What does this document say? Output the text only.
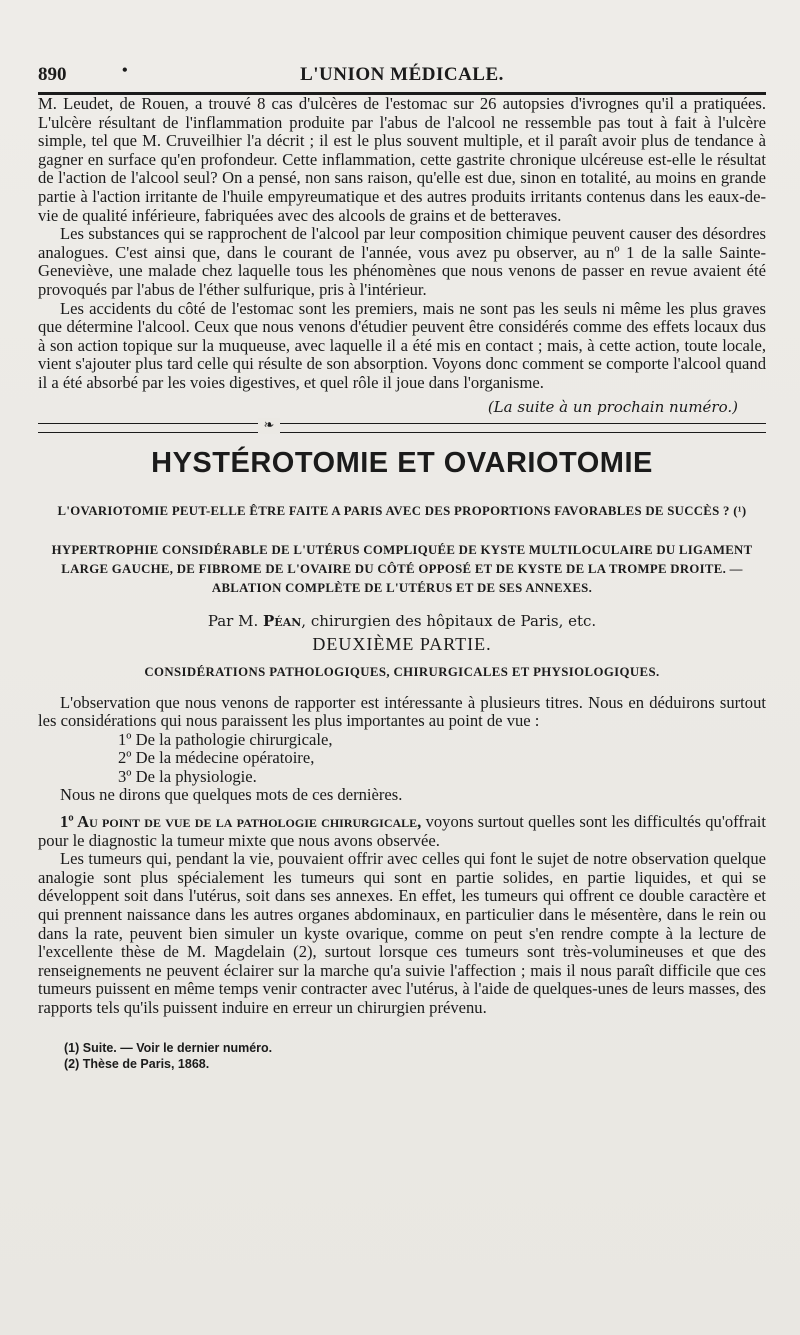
890	•	L'UNION MÉDICALE.

M. Leudet, de Rouen, a trouvé 8 cas d'ulcères de l'estomac sur 26 autopsies d'ivrognes qu'il a pratiquées. L'ulcère résultant de l'inflammation produite par l'abus de l'alcool ne ressemble pas tout à fait à l'ulcère simple, tel que M. Cruveilhier l'a décrit ; il est le plus souvent multiple, et il paraît avoir plus de tendance à gagner en surface qu'en profondeur. Cette inflammation, cette gastrite chronique ulcéreuse est-elle le résultat de l'action de l'alcool seul? On a pensé, non sans raison, qu'elle est due, sinon en totalité, au moins en grande partie à l'action irritante de l'huile empyreumatique et des autres produits irritants contenus dans les eaux-de-vie de qualité inférieure, fabriquées avec des alcools de grains et de betteraves.

Les substances qui se rapprochent de l'alcool par leur composition chimique peuvent causer des désordres analogues. C'est ainsi que, dans le courant de l'année, vous avez pu observer, au nº 1 de la salle Sainte-Geneviève, une malade chez laquelle tous les phénomènes que nous venons de passer en revue avaient été provoqués par l'abus de l'éther sulfurique, pris à l'intérieur.

Les accidents du côté de l'estomac sont les premiers, mais ne sont pas les seuls ni même les plus graves que détermine l'alcool. Ceux que nous venons d'étudier peuvent être considérés comme des effets locaux dus à son action topique sur la muqueuse, avec laquelle il a été mis en contact ; mais, à cette action, toute locale, vient s'ajouter plus tard celle qui résulte de son absorption. Voyons donc comment se comporte l'alcool quand il a été absorbé par les voies digestives, et quel rôle il joue dans l'organisme.

(La suite à un prochain numéro.)
❧
HYSTÉROTOMIE ET OVARIOTOMIE
L'OVARIOTOMIE PEUT-ELLE ÊTRE FAITE A PARIS AVEC DES PROPORTIONS FAVORABLES DE SUCCÈS ? (¹)
HYPERTROPHIE CONSIDÉRABLE DE L'UTÉRUS COMPLIQUÉE DE KYSTE MULTILOCULAIRE DU LIGAMENT LARGE GAUCHE, DE FIBROME DE L'OVAIRE DU CÔTÉ OPPOSÉ ET DE KYSTE DE LA TROMPE DROITE. — ABLATION COMPLÈTE DE L'UTÉRUS ET DE SES ANNEXES.
Par M. Péan, chirurgien des hôpitaux de Paris, etc.
DEUXIÈME PARTIE.
CONSIDÉRATIONS PATHOLOGIQUES, CHIRURGICALES ET PHYSIOLOGIQUES.

L'observation que nous venons de rapporter est intéressante à plusieurs titres. Nous en déduirons surtout les considérations qui nous paraissent les plus importantes au point de vue :

1º De la pathologie chirurgicale,

2º De la médecine opératoire,

3º De la physiologie.

Nous ne dirons que quelques mots de ces dernières.

1º Au point de vue de la pathologie chirurgicale, voyons surtout quelles sont les difficultés qu'offrait pour le diagnostic la tumeur mixte que nous avons observée.

Les tumeurs qui, pendant la vie, pouvaient offrir avec celles qui font le sujet de notre observation quelque analogie sont plus spécialement les tumeurs qui sont en partie solides, en partie liquides, et qui se développent soit dans l'utérus, soit dans ses annexes. En effet, les tumeurs qui offrent ce double caractère et qui prennent naissance dans les autres organes abdominaux, en particulier dans le mésentère, dans le rein ou dans la rate, peuvent bien simuler un kyste ovarique, comme on peut s'en rendre compte à la lecture de l'excellente thèse de M. Magdelain (2), surtout lorsque ces tumeurs sont très-volumineuses et que des renseignements ne peuvent éclairer sur la marche qu'a suivie l'affection ; mais il nous paraît difficile que ces tumeurs puissent en même temps venir contracter avec l'utérus, à l'aide de quelques-unes de leurs masses, des rapports tels qu'ils puissent induire en erreur un chirurgien prévenu.

(1) Suite. — Voir le dernier numéro.
(2) Thèse de Paris, 1868.
